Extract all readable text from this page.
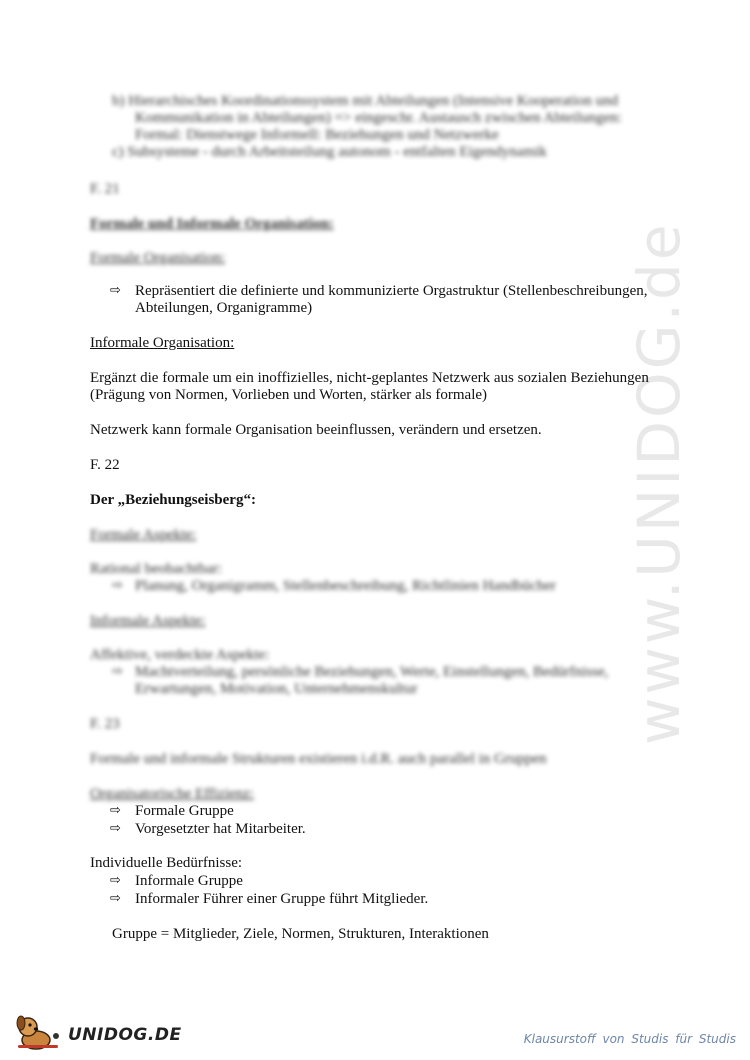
www.UNIDOG.de
b) Hierarchisches Koordinationssystem mit Abteilungen (Intensive Kooperation und
Kommunikation in Abteilungen) => eingeschr. Austausch zwischen Abteilungen:
Formal: Dienstwege Informell: Beziehungen und Netzwerke
c) Subsysteme - durch Arbeitsteilung autonom - entfalten Eigendynamik
F. 21
Formale und Informale Organisation:
Formale Organisation:
⇨ Repräsentiert die definierte und kommunizierte Orgastruktur (Stellenbeschreibungen,
Abteilungen, Organigramme)
Informale Organisation:
Ergänzt die formale um ein inoffizielles, nicht-geplantes Netzwerk aus sozialen Beziehungen
(Prägung von Normen, Vorlieben und Worten, stärker als formale)
Netzwerk kann formale Organisation beeinflussen, verändern und ersetzen.
F. 22
Der „Beziehungseisberg“:
Formale Aspekte:
Rational beobachtbar:
⇨ Planung, Organigramm, Stellenbeschreibung, Richtlinien Handbücher
Informale Aspekte:
Affektive, verdeckte Aspekte:
⇨ Machtverteilung, persönliche Beziehungen, Werte, Einstellungen, Bedürfnisse,
Erwartungen, Motivation, Unternehmenskultur
F. 23
Formale und informale Strukturen existieren i.d.R. auch parallel in Gruppen
Organisatorische Effizienz:
⇨ Formale Gruppe
⇨ Vorgesetzter hat Mitarbeiter.
Individuelle Bedürfnisse:
⇨ Informale Gruppe
⇨ Informaler Führer einer Gruppe führt Mitglieder.
Gruppe = Mitglieder, Ziele, Normen, Strukturen, Interaktionen
UNIDOG.DE	Klausurstoff von Studis für Studis
